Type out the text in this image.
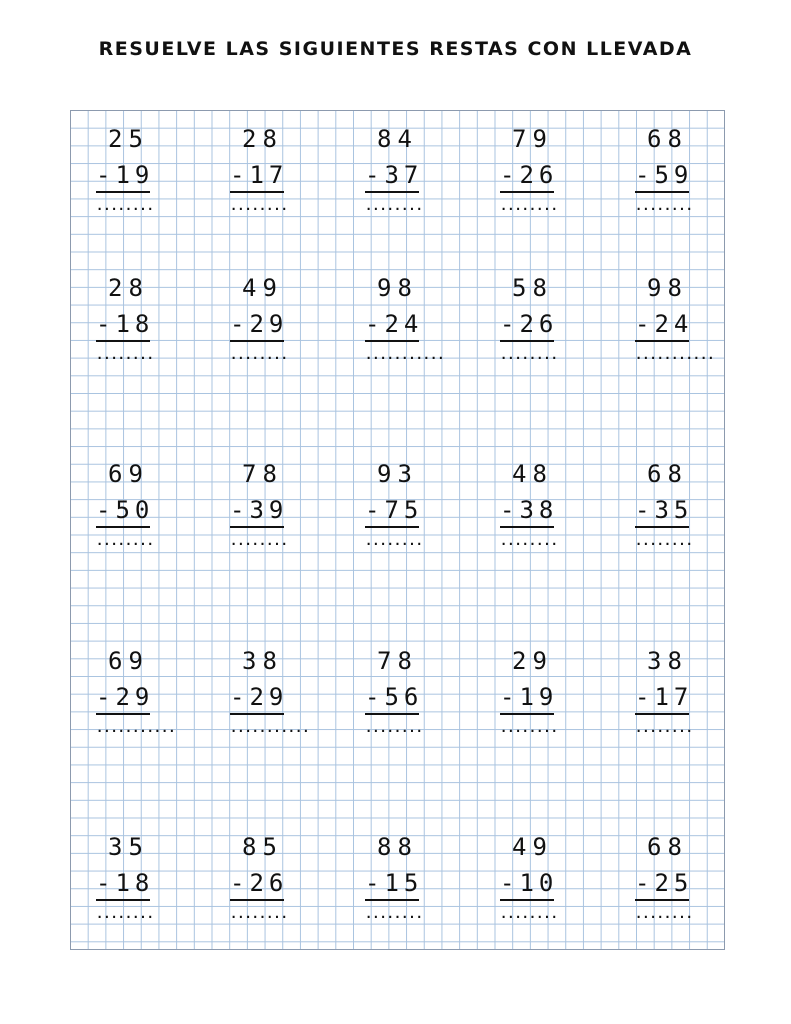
RESUELVE LAS SIGUIENTES RESTAS CON LLEVADA
25
-19
........
28
-17
........
84
-37
........
79
-26
........
68
-59
........
28
-18
........
49
-29
........
98
-24
...........
58
-26
........
98
-24
...........
69
-50
........
78
-39
........
93
-75
........
48
-38
........
68
-35
........
69
-29
...........
38
-29
...........
78
-56
........
29
-19
........
38
-17
........
35
-18
........
85
-26
........
88
-15
........
49
-10
........
68
-25
........
